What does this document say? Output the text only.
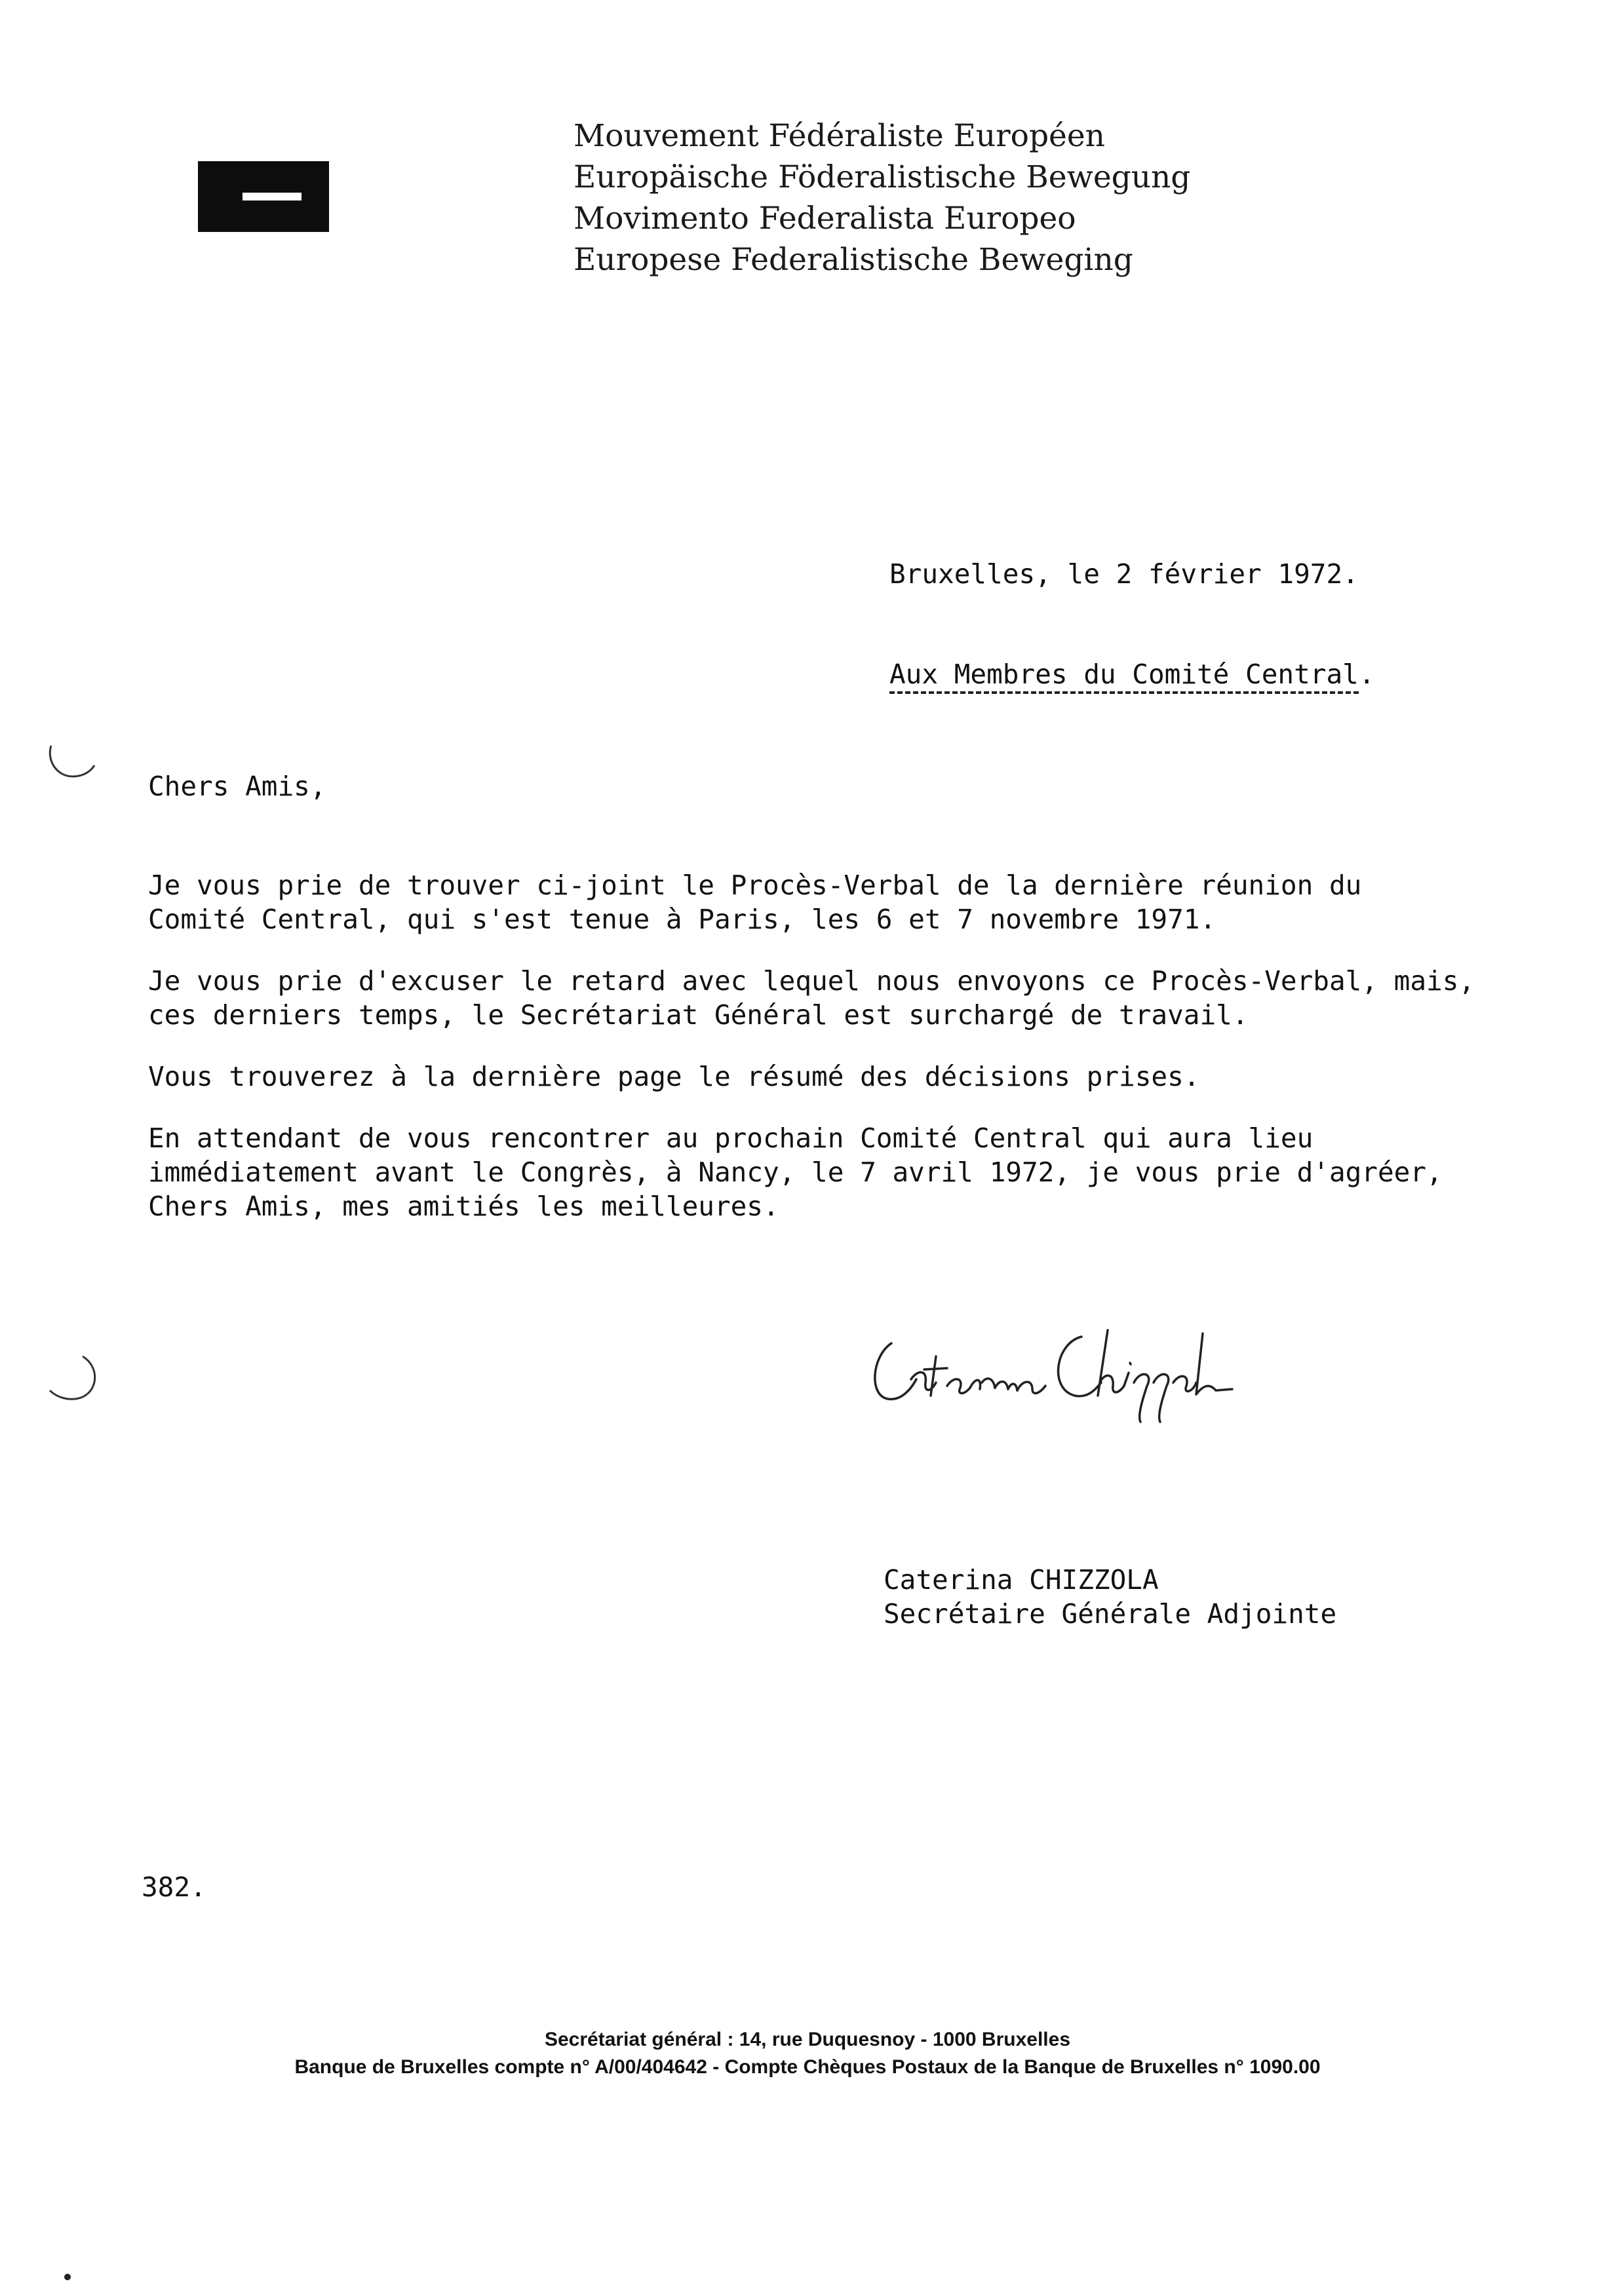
Mouvement Fédéraliste Européen
Europäische Föderalistische Bewegung
Movimento Federalista Europeo
Europese Federalistische Beweging
Bruxelles, le 2 février 1972.
Aux Membres du Comité Central.
Chers Amis,
Je vous prie de trouver ci-joint le Procès-Verbal de la dernière réunion du
Comité Central, qui s'est tenue à Paris, les 6 et 7 novembre 1971.
Je vous prie d'excuser le retard avec lequel nous envoyons ce Procès-Verbal, mais,
ces derniers temps, le Secrétariat Général est surchargé de travail.
Vous trouverez à la dernière page le résumé des décisions prises.
En attendant de vous rencontrer au prochain Comité Central qui aura lieu
immédiatement avant le Congrès, à Nancy, le 7 avril 1972, je vous prie d'agréer,
Chers Amis, mes amitiés les meilleures.
Caterina CHIZZOLA
Secrétaire Générale Adjointe
382.
Secrétariat général : 14, rue Duquesnoy - 1000 Bruxelles
Banque de Bruxelles compte n° A/00/404642 - Compte Chèques Postaux de la Banque de Bruxelles n° 1090.00
